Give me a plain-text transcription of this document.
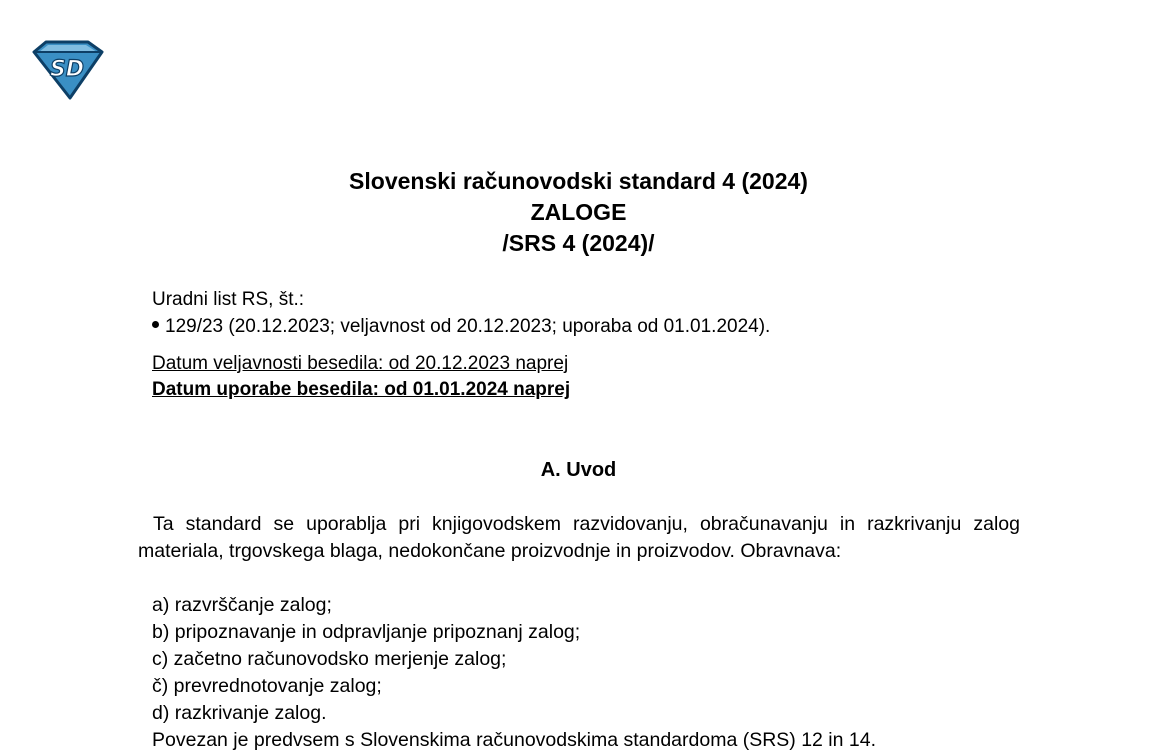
SD
Slovenski računovodski standard 4 (2024)
ZALOGE
/SRS 4 (2024)/
Uradni list RS, št.:
129/23 (20.12.2023; veljavnost od 20.12.2023; uporaba od 01.01.2024).
Datum veljavnosti besedila: od 20.12.2023 naprej
Datum uporabe besedila: od 01.01.2024 naprej
A. Uvod
Ta standard se uporablja pri knjigovodskem razvidovanju, obračunavanju in razkrivanju zalog materiala, trgovskega blaga, nedokončane proizvodnje in proizvodov. Obravnava:
a) razvrščanje zalog;
b) pripoznavanje in odpravljanje pripoznanj zalog;
c) začetno računovodsko merjenje zalog;
č) prevrednotovanje zalog;
d) razkrivanje zalog.
Povezan je predvsem s Slovenskima računovodskima standardoma (SRS) 12 in 14.
